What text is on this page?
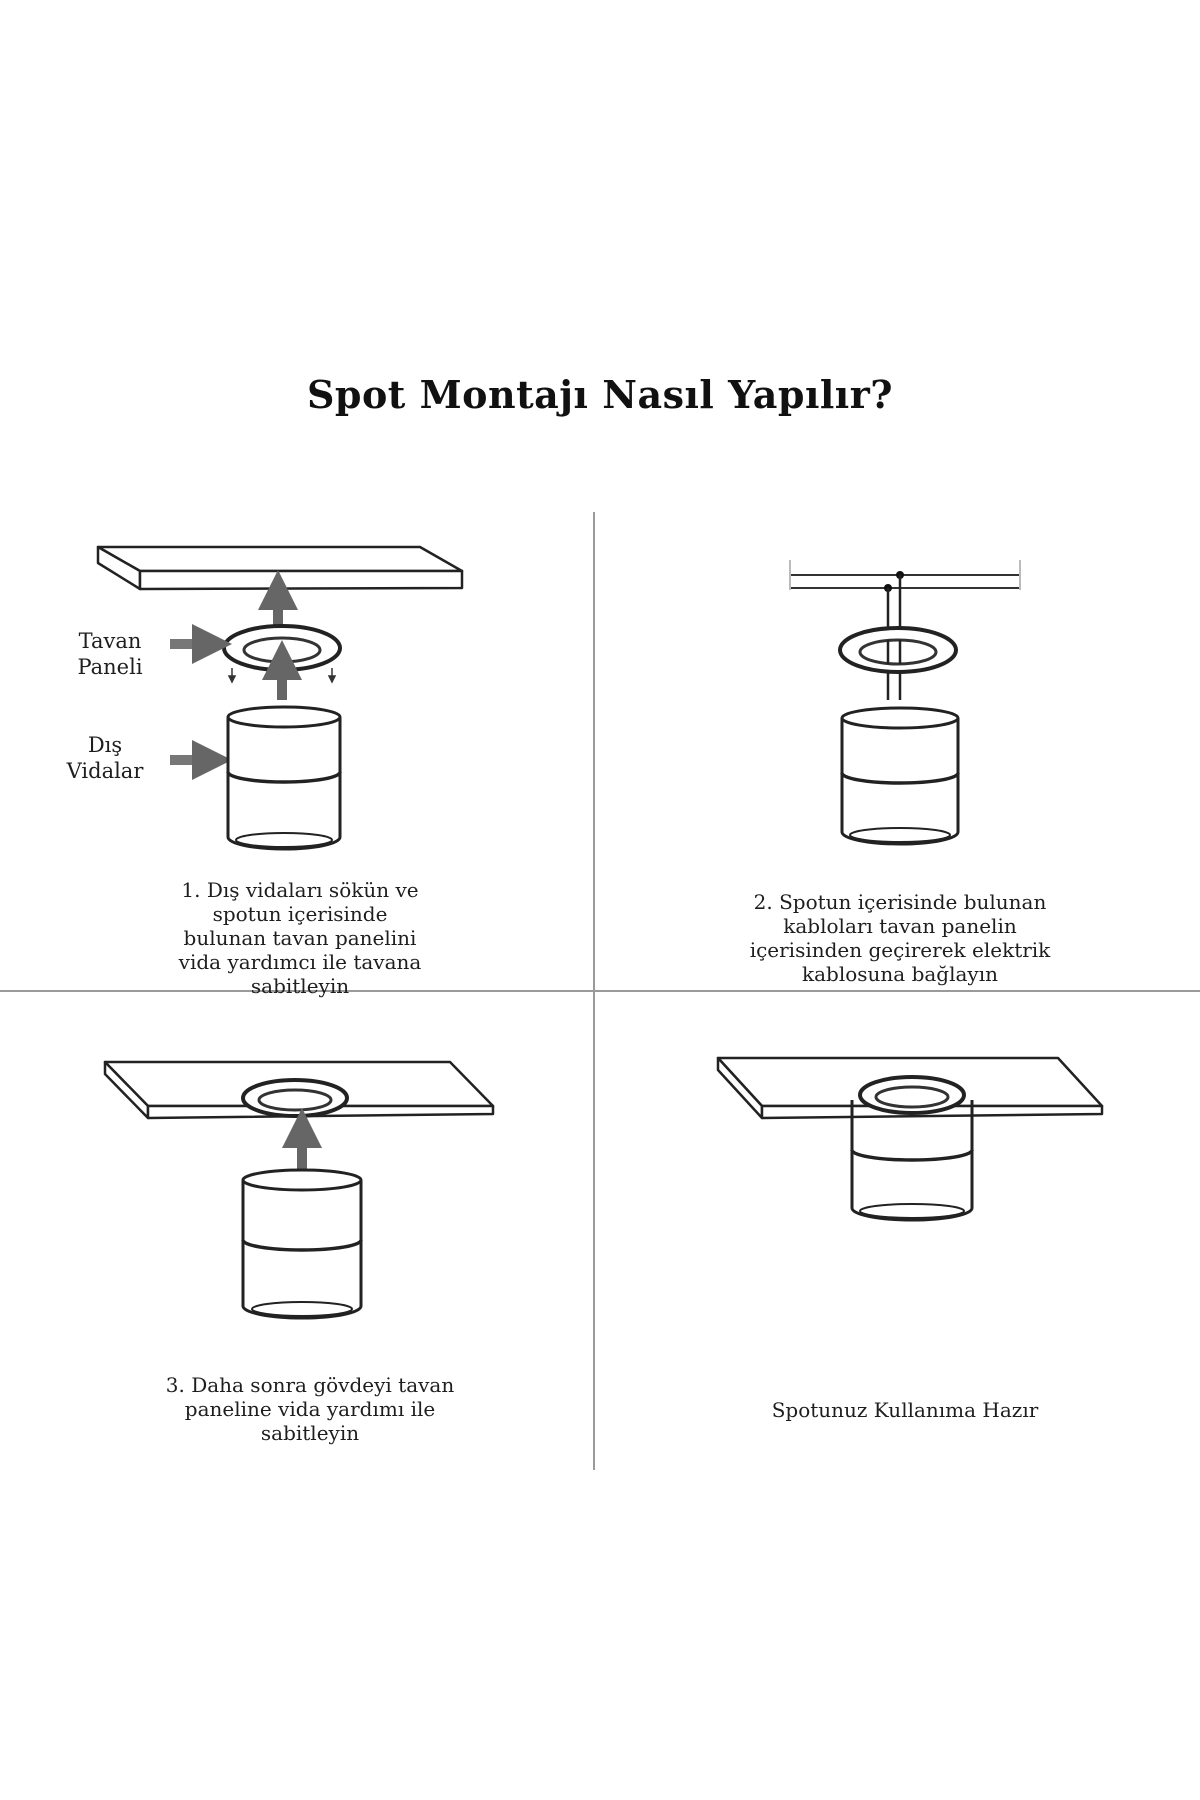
Spot Montajı Nasıl Yapılır?
Tavan
Paneli
Dış
Vidalar
1. Dış vidaları sökün ve
spotun içerisinde
bulunan tavan panelini
vida yardımcı ile tavana
sabitleyin
2. Spotun içerisinde bulunan
kabloları tavan panelin
içerisinden geçirerek elektrik
kablosuna bağlayın
3. Daha sonra gövdeyi tavan
paneline vida yardımı ile
sabitleyin
Spotunuz Kullanıma Hazır
